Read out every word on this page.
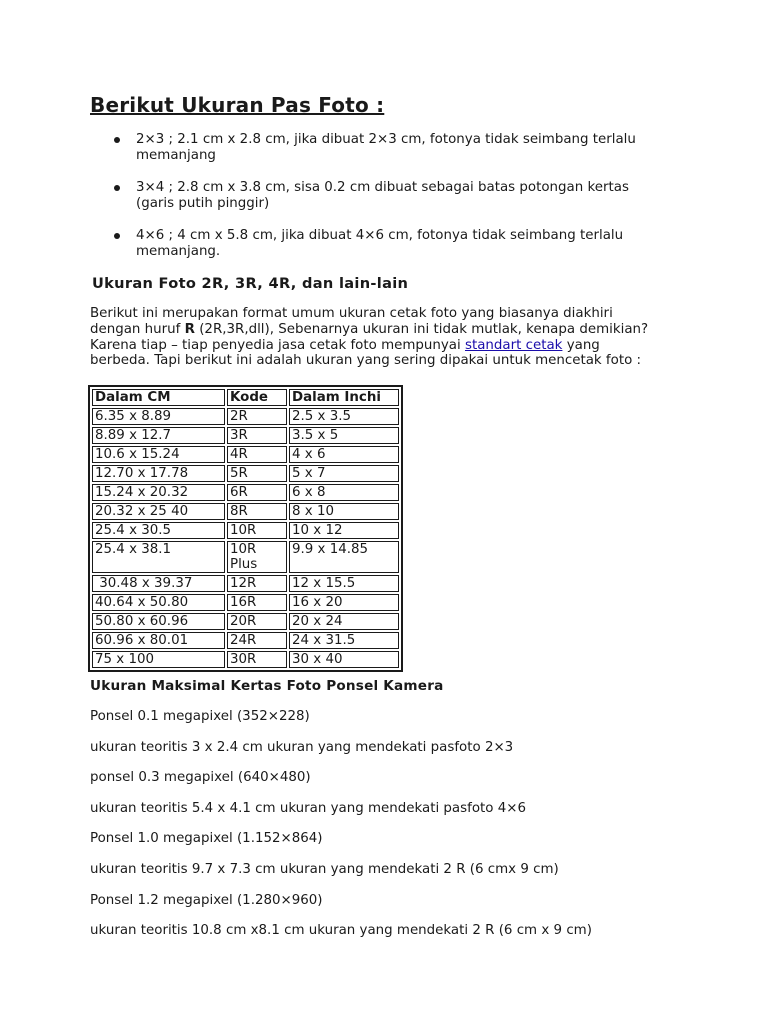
Berikut Ukuran Pas Foto :
2×3 ; 2.1 cm x 2.8 cm, jika dibuat 2×3 cm, fotonya tidak seimbang terlalu memanjang
3×4 ; 2.8 cm x 3.8 cm, sisa 0.2 cm dibuat sebagai batas potongan kertas (garis putih pinggir)
4×6 ; 4 cm x 5.8 cm, jika dibuat 4×6 cm, fotonya tidak seimbang terlalu memanjang.
Ukuran Foto 2R, 3R, 4R, dan lain-lain

Berikut ini merupakan format umum ukuran cetak foto yang biasanya diakhiri dengan huruf R (2R,3R,dll), Sebenarnya ukuran ini tidak mutlak, kenapa demikian? Karena tiap – tiap penyedia jasa cetak foto mempunyai standart cetak yang berbeda. Tapi berikut ini adalah ukuran yang sering dipakai untuk mencetak foto :

Dalam CM	Kode	Dalam Inchi
6.35 x 8.89	2R	2.5 x 3.5
8.89 x 12.7	3R	3.5 x 5
10.6 x 15.24	4R	4 x 6
12.70 x 17.78	5R	5 x 7
15.24 x 20.32	6R	6 x 8
20.32 x 25 40	8R	8 x 10
25.4 x 30.5	10R	10 x 12
25.4 x 38.1	10R Plus	9.9 x 14.85
30.48 x 39.37	12R	12 x 15.5
40.64 x 50.80	16R	16 x 20
50.80 x 60.96	20R	20 x 24
60.96 x 80.01	24R	24 x 31.5
75 x 100	30R	30 x 40
Ukuran Maksimal Kertas Foto Ponsel Kamera

Ponsel 0.1 megapixel (352×228)

ukuran teoritis 3 x 2.4 cm ukuran yang mendekati pasfoto 2×3

ponsel 0.3 megapixel (640×480)

ukuran teoritis 5.4 x 4.1 cm ukuran yang mendekati pasfoto 4×6

Ponsel 1.0 megapixel (1.152×864)

ukuran teoritis 9.7 x 7.3 cm ukuran yang mendekati 2 R (6 cmx 9 cm)

Ponsel 1.2 megapixel (1.280×960)

ukuran teoritis 10.8 cm x8.1 cm ukuran yang mendekati 2 R (6 cm x 9 cm)
